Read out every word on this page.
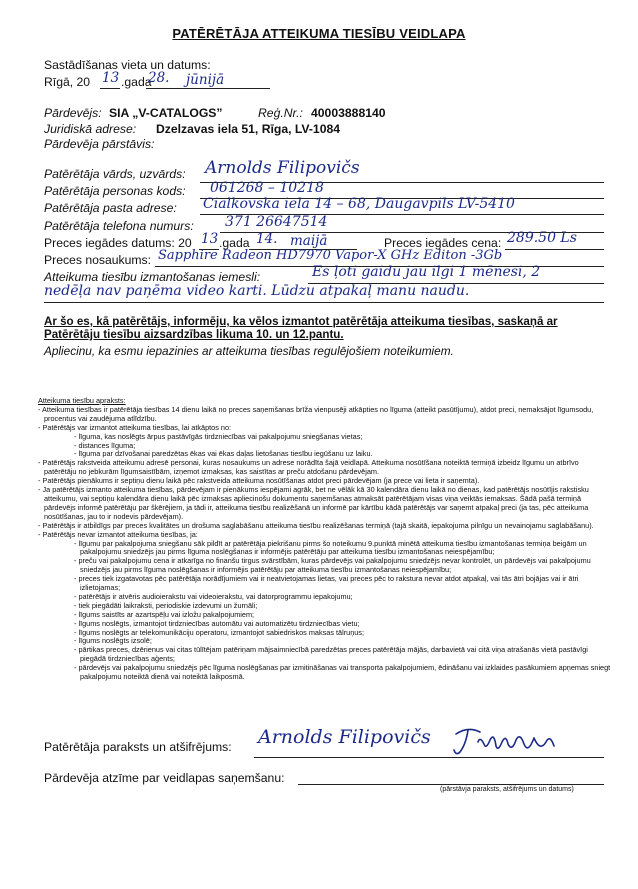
PATĒRĒTĀJA ATTEIKUMA TIESĪBU VEIDLAPA
Sastādīšanas vieta un datums:
Rīgā, 20 13 .gada
28. jūnijā
Pārdevējs: SIA „V-CATALOGS”	Reģ.Nr.: 40003888140
Juridiskā adrese: Dzelzavas iela 51, Rīga, LV-1084
Pārdevēja pārstāvis:
Patērētāja vārds, uzvārds: Arnolds Filipovičs
Patērētāja personas kods: 061268 – 10218
Patērētāja pasta adrese: Cialkovska iela 14 – 68, Daugavpils LV-5410
Patērētāja telefona numurs: 371 26647514
Preces iegādes datums: 20 13 .gada 14. maijā	Preces iegādes cena: 289.50 Ls
Preces nosaukums: Sapphire Radeon HD7970 Vapor-X GHz Editon -3Gb
Atteikuma tiesību izmantošanas iemesli:	Es ļoti gaidu jau ilgi 1 mēnesi, 2
nedēļa nav paņēma video karti. Lūdzu atpakaļ manu naudu.
Ar šo es, kā patērētājs, informēju, ka vēlos izmantot patērētāja atteikuma tiesības, saskaņā ar Patērētāju tiesību aizsardzības likuma 10. un 12.pantu.
Apliecinu, ka esmu iepazinies ar atteikuma tiesības regulējošiem noteikumiem.

Atteikuma tiesību apraksts:

- Atteikuma tiesības ir patērētāja tiesības 14 dienu laikā no preces saņemšanas brīža vienpusēji atkāpties no līguma (atteikt pasūtījumu), atdot preci, nemaksājot līgumsodu, procentus vai zaudējuma atlīdzību.

- Patērētājs var izmantot atteikuma tiesības, lai atkāptos no:

- līguma, kas noslēgts ārpus pastāvīgās tirdzniecības vai pakalpojumu sniegšanas vietas;

- distances līguma;

- līguma par dzīvošanai paredzētas ēkas vai ēkas daļas lietošanas tiesību iegūšanu uz laiku.

- Patērētājs rakstveida atteikumu adresē personai, kuras nosaukums un adrese norādīta šajā veidlapā. Atteikuma nosūtīšana noteiktā termiņā izbeidz līgumu un atbrīvo patērētāju no jebkurām līgumsaistībām, izņemot izmaksas, kas saistītas ar preču atdošanu pārdevējam.

- Patērētājs pienākums ir septiņu dienu laikā pēc rakstveida atteikuma nosūtīšanas atdot preci pārdevējam (ja prece vai lieta ir saņemta).

- Ja patērētājs izmanto atteikuma tiesības, pārdevējam ir pienākums iespējami agrāk, bet ne vēlāk kā 30 kalendāra dienu laikā no dienas, kad patērētājs nosūtījis rakstisku atteikumu, vai septiņu kalendāra dienu laikā pēc izmaksas apliecinošu dokumentu saņemšanas atmaksāt patērētājam visas viņa veiktās iemaksas. Šādā pašā termiņā pārdevējs informē patērētāju par škērējiem, ja tādi ir, atteikuma tiesību realizēšanā un informē par kārtību kādā patērētājs var saņemt atpakaļ preci (ja tas, pēc atteikuma nosūtīšanas, jau to ir nodevis pārdevējam).

- Patērētājs ir atbildīgs par preces kvalitātes un drošuma saglabāšanu atteikuma tiesību realizēšanas termiņā (tajā skaitā, iepakojuma pilnīgu un nevainojamu saglabāšanu).

- Patērētājs nevar izmantot atteikuma tiesības, ja:

- līgumu par pakalpojuma sniegšanu sāk pildīt ar patērētāja piekrišanu pirms šo noteikumu 9.punktā minētā atteikuma tiesību izmantošanas termiņa beigām un pakalpojumu sniedzējs jau pirms līguma noslēgšanas ir informējis patērētāju par atteikuma tiesību izmantošanas neiespējamību;

- preču vai pakalpojumu cena ir atkarīga no finanšu tirgus svārstībām, kuras pārdevējs vai pakalpojumu sniedzējs nevar kontrolēt, un pārdevējs vai pakalpojumu sniedzējs jau pirms līguma noslēgšanas ir informējis patērētāju par atteikuma tiesību izmantošanas neiespējamību;

- preces tiek izgatavotas pēc patērētāja norādījumiem vai ir neatvietojamas lietas, vai preces pēc to rakstura nevar atdot atpakaļ, vai tās ātri bojājas vai ir ātri izlietojamas;

- patērētājs ir atvēris audioierakstu vai videoierakstu, vai datorprogrammu iepakojumu;

- tiek piegādāti laikraksti, periodiskie izdevumi un žurnāli;

- līgums saistīts ar azartspēļu vai izložu pakalpojumiem;

- līgums noslēgts, izmantojot tirdzniecības automātu vai automatizētu tirdzniecības vietu;

- līgums noslēgts ar telekomunikāciju operatoru, izmantojot sabiedriskos maksas tālruņus;

- līgums noslēgts izsolē;

- pārtikas preces, dzērienus vai citas tūlītējam patēriņam mājsaimniecībā paredzētas preces patērētāja mājās, darbavietā vai citā viņa atrašanās vietā pastāvīgi piegādā tirdzniecības aģents;

- pārdevējs vai pakalpojumu sniedzējs pēc līguma noslēgšanas par izmitināšanas vai transporta pakalpojumiem, ēdināšanu vai izklaides pasākumiem apņemas sniegt pakalpojumu noteiktā dienā vai noteiktā laikposmā.

Patērētāja paraksts un atšifrējums: Arnolds Filipovičs
Pārdevēja atzīme par veidlapas saņemšanu:
(pārstāvja paraksts, atšifrējums un datums)
